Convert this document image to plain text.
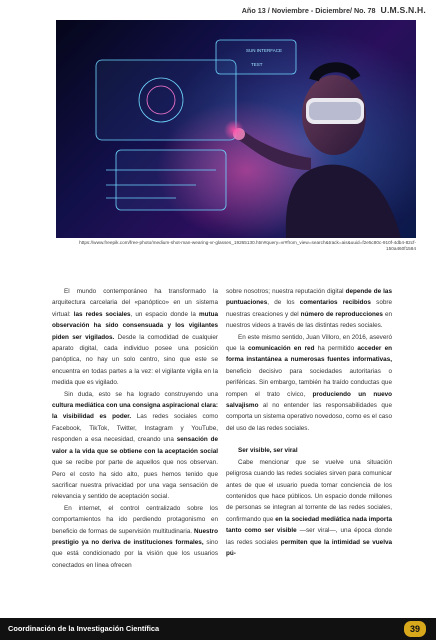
Año 13 / Noviembre - Diciembre/ No. 78 U.M.S.N.H.
SUN INTERFACE
TEST
https://www.freepik.com/free-photo/medium-shot-man-wearing-vr-glasses_19265130.htm#query=vr#from_view=search&track=ais&uuid=f2e5c80c-910f-4db4-82cf-150a460f1584

El mundo contemporáneo ha transformado la arquitectura carcelaria del «panóptico» en un sistema virtual: las redes sociales, un espacio donde la mutua observación ha sido consensuada y los vigilantes piden ser vigilados. Desde la comodidad de cualquier aparato digital, cada individuo posee una posición panóptica, no hay un solo centro, sino que este se encuentra en todas partes a la vez: el vigilante vigila en la medida que es vigilado.

Sin duda, esto se ha logrado construyendo una cultura mediática con una consigna aspiracional clara: la visibilidad es poder. Las redes sociales como Facebook, TikTok, Twitter, Instagram y YouTube, responden a esa necesidad, creando una sensación de valor a la vida que se obtiene con la aceptación social que se recibe por parte de aquellos que nos observan. Pero el costo ha sido alto, pues hemos tenido que sacrificar nuestra privacidad por una vaga sensación de relevancia y sentido de aceptación social.

En internet, el control centralizado sobre los comportamientos ha ido perdiendo protagonismo en beneficio de formas de supervisión multitudinaria. Nuestro prestigio ya no deriva de instituciones formales, sino que está condicionado por la visión que los usuarios conectados en línea ofrecen

sobre nosotros; nuestra reputación digital depende de las puntuaciones, de los comentarios recibidos sobre nuestras creaciones y del número de reproducciones en nuestros videos a través de las distintas redes sociales.

En este mismo sentido, Juan Villoro, en 2016, aseveró que la comunicación en red ha permitido acceder en forma instantánea a numerosas fuentes informativas, beneficio decisivo para sociedades autoritarias o periféricas. Sin embargo, también ha traído conductas que rompen el trato cívico, produciendo un nuevo salvajismo al no entender las responsabilidades que comporta un sistema operativo novedoso, como es el caso del uso de las redes sociales.

Ser visible, ser viral

Cabe mencionar que se vuelve una situación peligrosa cuando las redes sociales sirven para comunicar antes de que el usuario pueda tomar conciencia de los contenidos que hace públicos. Un espacio donde millones de personas se integran al torrente de las redes sociales, confirmando que en la sociedad mediática nada importa tanto como ser visible —ser viral—, una época donde las redes sociales permiten que la intimidad se vuelva pú-

Coordinación de la Investigación Científica	39
